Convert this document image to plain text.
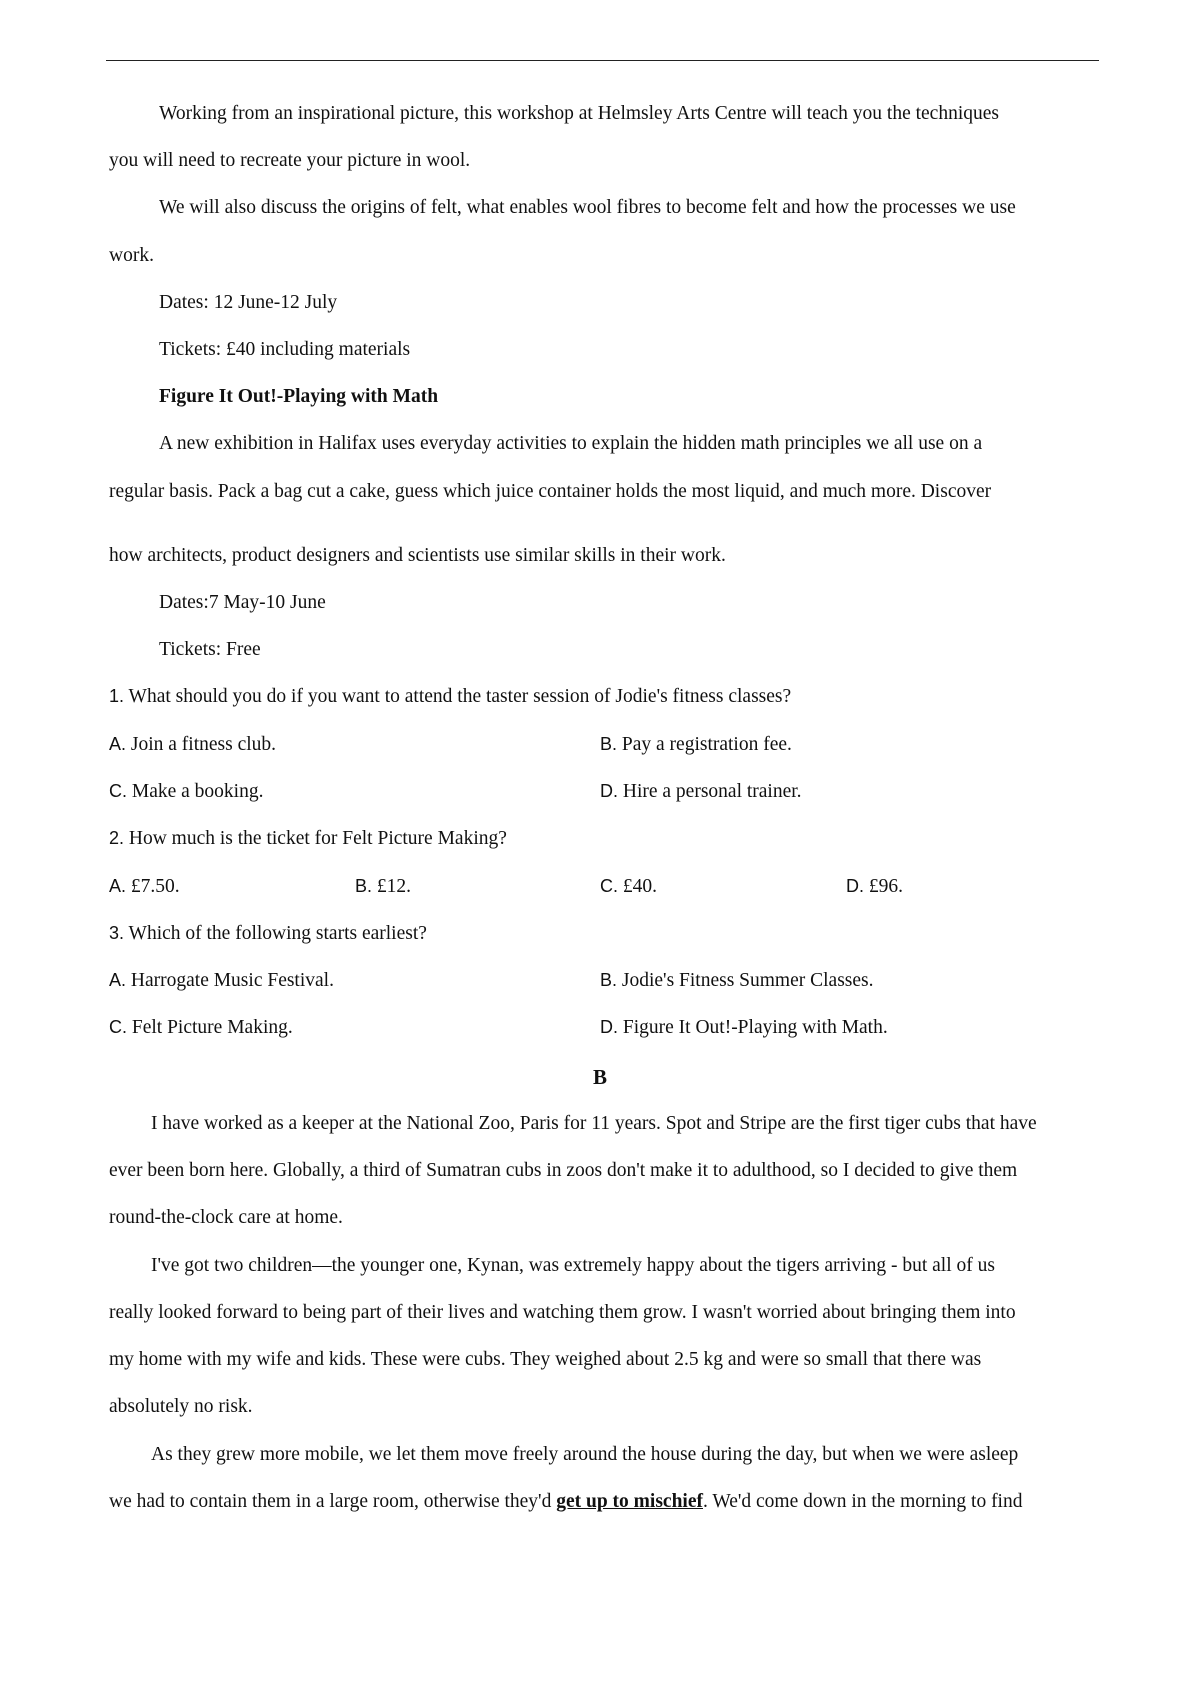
Working from an inspirational picture, this workshop at Helmsley Arts Centre will teach you the techniques
you will need to recreate your picture in wool.
We will also discuss the origins of felt, what enables wool fibres to become felt and how the processes we use
work.
Dates: 12 June-12 July
Tickets: £40 including materials
Figure It Out!-Playing with Math
A new exhibition in Halifax uses everyday activities to explain the hidden math principles we all use on a
regular basis. Pack a bag cut a cake, guess which juice container holds the most liquid, and much more. Discover
how architects, product designers and scientists use similar skills in their work.
Dates:7 May-10 June
Tickets: Free
1. What should you do if you want to attend the taster session of Jodie's fitness classes?
A. Join a fitness club.	B. Pay a registration fee.
C. Make a booking.	D. Hire a personal trainer.
2. How much is the ticket for Felt Picture Making?
A. £7.50.	B. £12.	C. £40.	D. £96.
3. Which of the following starts earliest?
A. Harrogate Music Festival.	B. Jodie's Fitness Summer Classes.
C. Felt Picture Making.	D. Figure It Out!-Playing with Math.
B
I have worked as a keeper at the National Zoo, Paris for 11 years. Spot and Stripe are the first tiger cubs that have
ever been born here. Globally, a third of Sumatran cubs in zoos don't make it to adulthood, so I decided to give them
round-the-clock care at home.
I've got two children—the younger one, Kynan, was extremely happy about the tigers arriving - but all of us
really looked forward to being part of their lives and watching them grow. I wasn't worried about bringing them into
my home with my wife and kids. These were cubs. They weighed about 2.5 kg and were so small that there was
absolutely no risk.
As they grew more mobile, we let them move freely around the house during the day, but when we were asleep
we had to contain them in a large room, otherwise they'd get up to mischief. We'd come down in the morning to find
